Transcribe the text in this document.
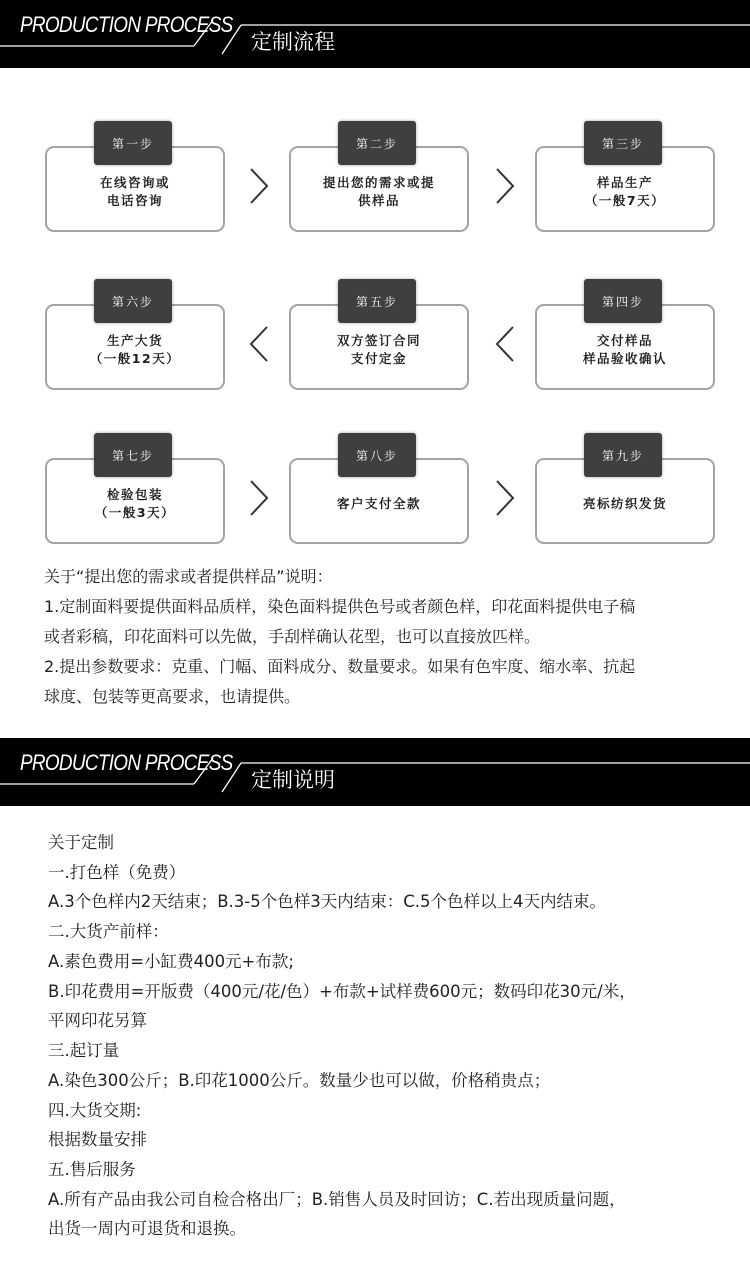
PRODUCTION PROCESS
定制流程
第一步
在线咨询或
电话咨询
第二步
提出您的需求或提
供样品
第三步
样品生产
（一般7天）
第六步
生产大货
（一般12天）
第五步
双方签订合同
支付定金
第四步
交付样品
样品验收确认
第七步
检验包装
（一般3天）
第八步
客户支付全款
第九步
亮标纺织发货
关于“提出您的需求或者提供样品”说明：
1.定制面料要提供面料品质样，染色面料提供色号或者颜色样，印花面料提供电子稿
或者彩稿，印花面料可以先做，手刮样确认花型，也可以直接放匹样。
2.提出参数要求：克重、门幅、面料成分、数量要求。如果有色牢度、缩水率、抗起
球度、包装等更高要求，也请提供。
PRODUCTION PROCESS
定制说明
关于定制
一.打色样（免费）
A.3个色样内2天结束；B.3-5个色样3天内结束：C.5个色样以上4天内结束。
二.大货产前样：
A.素色费用=小缸费400元+布款;
B.印花费用=开版费（400元/花/色）+布款+试样费600元；数码印花30元/米，
平网印花另算
三.起订量
A.染色300公斤；B.印花1000公斤。数量少也可以做，价格稍贵点；
四.大货交期:
根据数量安排
五.售后服务
A.所有产品由我公司自检合格出厂；B.销售人员及时回访；C.若出现质量问题，
出货一周内可退货和退换。
